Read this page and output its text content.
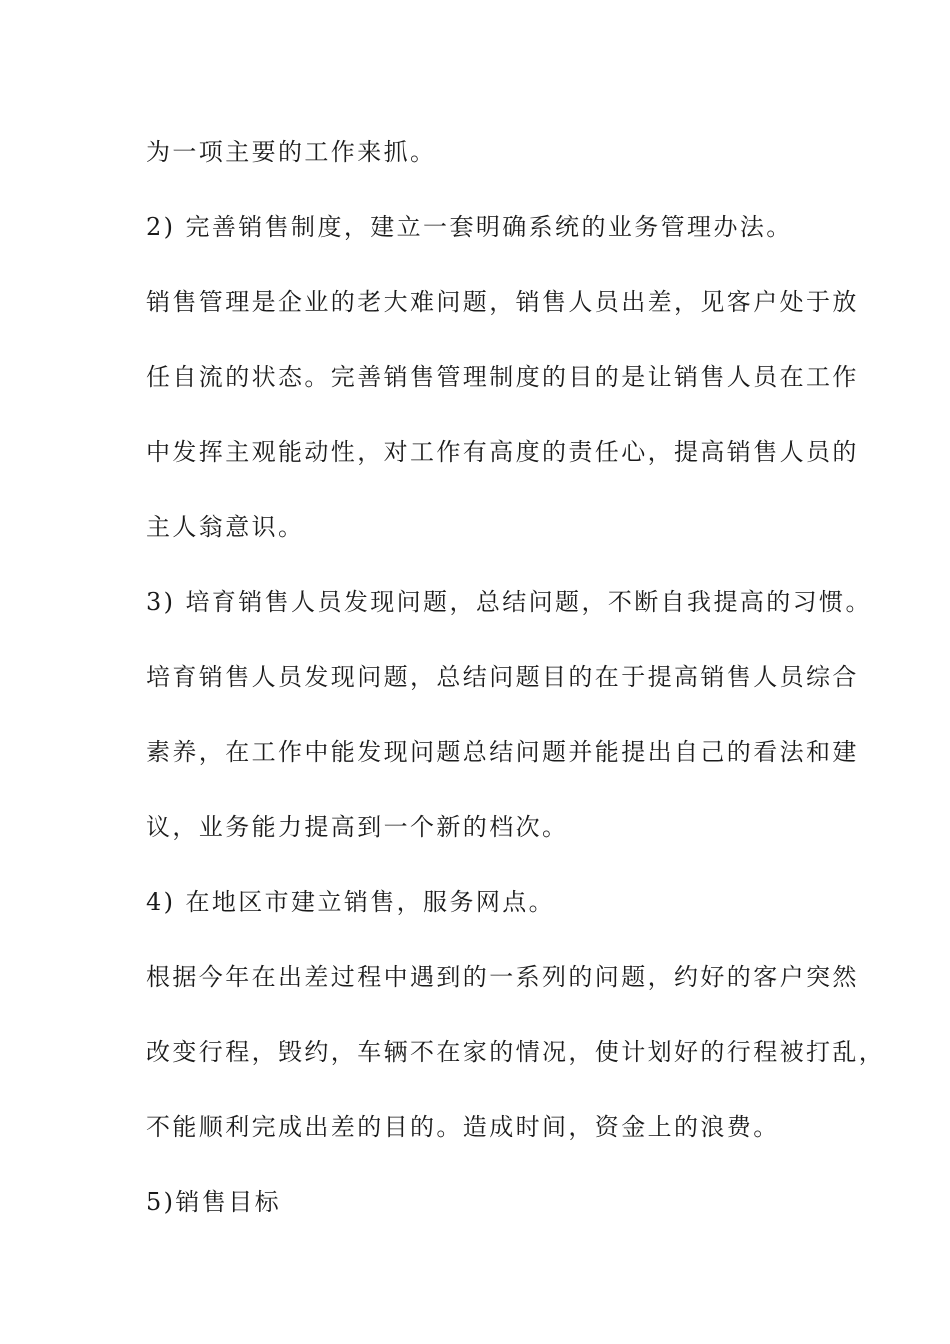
为一项主要的工作来抓。
2) 完善销售制度，建立一套明确系统的业务管理办法。
销售管理是企业的老大难问题，销售人员出差，见客户处于放
任自流的状态。完善销售管理制度的目的是让销售人员在工作
中发挥主观能动性，对工作有高度的责任心，提高销售人员的
主人翁意识。
3) 培育销售人员发现问题，总结问题，不断自我提高的习惯。
培育销售人员发现问题，总结问题目的在于提高销售人员综合
素养，在工作中能发现问题总结问题并能提出自己的看法和建
议，业务能力提高到一个新的档次。
4) 在地区市建立销售，服务网点。
根据今年在出差过程中遇到的一系列的问题，约好的客户突然
改变行程，毁约，车辆不在家的情况，使计划好的行程被打乱，
不能顺利完成出差的目的。造成时间，资金上的浪费。
5)销售目标
